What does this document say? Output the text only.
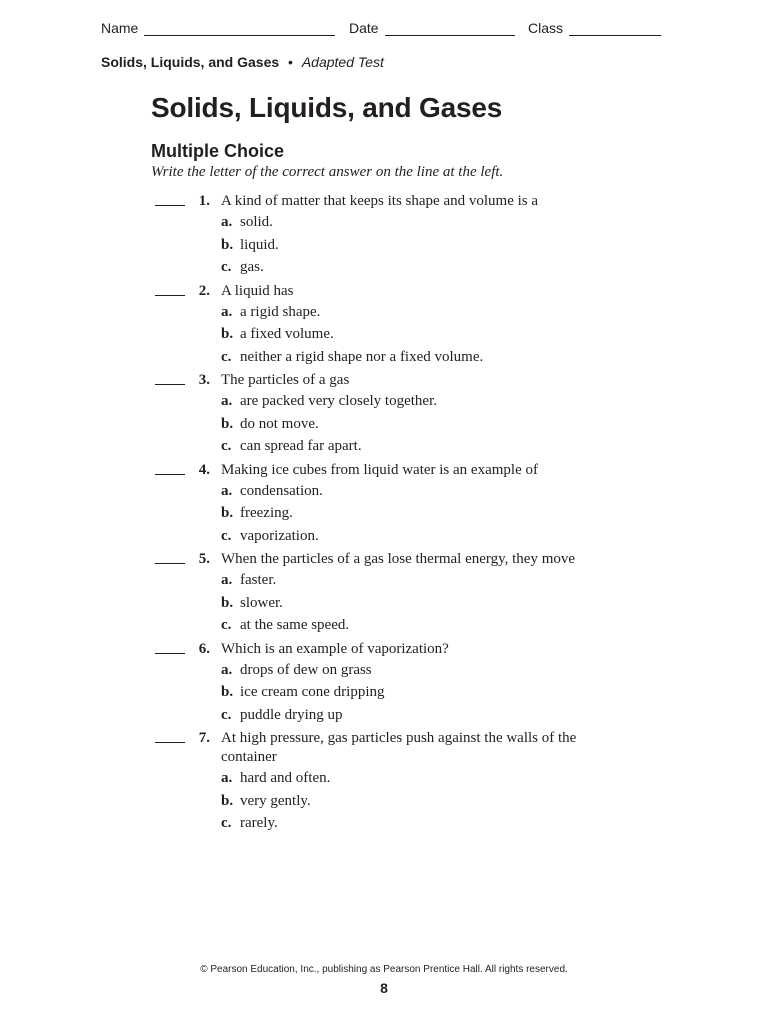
Name	Date	Class
Solids, Liquids, and Gases • Adapted Test
Solids, Liquids, and Gases
Multiple Choice
Write the letter of the correct answer on the line at the left.
1. A kind of matter that keeps its shape and volume is a
a. solid.
b. liquid.
c. gas.
2. A liquid has
a. a rigid shape.
b. a fixed volume.
c. neither a rigid shape nor a fixed volume.
3. The particles of a gas
a. are packed very closely together.
b. do not move.
c. can spread far apart.
4. Making ice cubes from liquid water is an example of
a. condensation.
b. freezing.
c. vaporization.
5. When the particles of a gas lose thermal energy, they move
a. faster.
b. slower.
c. at the same speed.
6. Which is an example of vaporization?
a. drops of dew on grass
b. ice cream cone dripping
c. puddle drying up
7. At high pressure, gas particles push against the walls of the container
a. hard and often.
b. very gently.
c. rarely.
© Pearson Education, Inc., publishing as Pearson Prentice Hall. All rights reserved.
8
